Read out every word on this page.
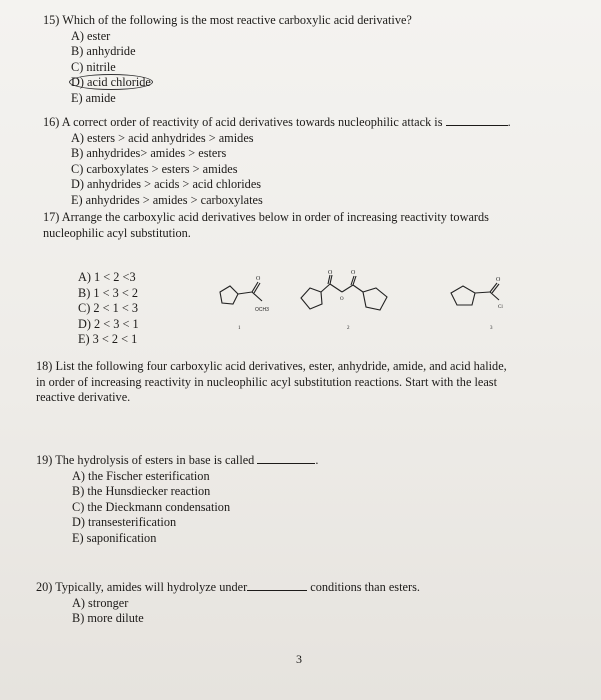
15) Which of the following is the most reactive carboxylic acid derivative?
A) ester
B) anhydride
C) nitrile
D) acid chloride
E) amide
16) A correct order of reactivity of acid derivatives towards nucleophilic attack is	.
A) esters > acid anhydrides > amides
B) anhydrides> amides > esters
C) carboxylates > esters > amides
D) anhydrides > acids > acid chlorides
E) anhydrides > amides > carboxylates
17) Arrange the carboxylic acid derivatives below in order of increasing reactivity towards
nucleophilic acyl substitution.
A) 1 < 2 <3
B) 1 < 3 < 2
C) 2 < 1 < 3
D) 2 < 3 < 1
E) 3 < 2 < 1
O
OCH3
1
O	O
O
2
O
Cl
3
18) List the following four carboxylic acid derivatives, ester, anhydride, amide, and acid halide,
in order of increasing reactivity in nucleophilic acyl substitution reactions. Start with the least
reactive derivative.
19) The hydrolysis of esters in base is called	.
A) the Fischer esterification
B) the Hunsdiecker reaction
C) the Dieckmann condensation
D) transesterification
E) saponification
20) Typically, amides will hydrolyze under	conditions than esters.
A) stronger
B) more dilute
3
